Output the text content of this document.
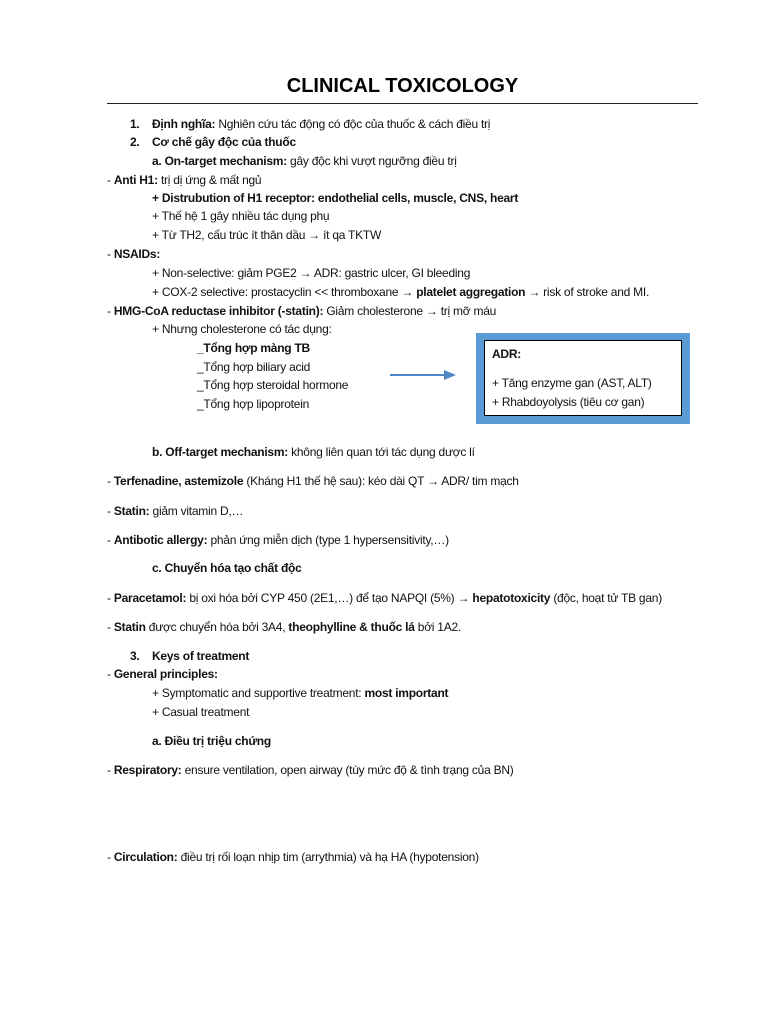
CLINICAL TOXICOLOGY
1. Định nghĩa: Nghiên cứu tác động có độc của thuốc & cách điều trị
2. Cơ chế gây độc của thuốc
a. On-target mechanism: gây độc khi vượt ngưỡng điều trị
- Anti H1: trị dị ứng & mất ngủ
+ Distrubution of H1 receptor: endothelial cells, muscle, CNS, heart
+ Thế hệ 1 gây nhiều tác dụng phụ
+ Từ TH2, cấu trúc ít thân dầu → ít qa TKTW
- NSAIDs:
+ Non-selective: giảm PGE2 → ADR: gastric ulcer, GI bleeding
+ COX-2 selective: prostacyclin << thromboxane → platelet aggregation → risk of stroke and MI.
- HMG-CoA reductase inhibitor (-statin): Giảm cholesterone → trị mỡ máu
+ Nhưng cholesterone có tác dụng:
_Tổng hợp màng TB
_Tổng hợp biliary acid
_Tổng hợp steroidal hormone
_Tổng hợp lipoprotein
ADR:
+ Tăng enzyme gan (AST, ALT)
+ Rhabdoyolysis (tiêu cơ gan)
b. Off-target mechanism: không liên quan tới tác dụng dược lí
- Terfenadine, astemizole (Kháng H1 thế hệ sau): kéo dài QT → ADR/ tim mạch
- Statin: giảm vitamin D,…
- Antibotic allergy: phản ứng miễn dịch (type 1 hypersensitivity,…)
c. Chuyển hóa tạo chất độc
- Paracetamol: bị oxi hóa bởi CYP 450 (2E1,…) để tạo NAPQI (5%) → hepatotoxicity (độc, hoạt tử TB gan)
- Statin được chuyển hóa bởi 3A4, theophylline & thuốc lá bởi 1A2.
3. Keys of treatment
- General principles:
+ Symptomatic and supportive treatment: most important
+ Casual treatment
a. Điều trị triệu chứng
- Respiratory: ensure ventilation, open airway (tùy mức độ & tình trạng của BN)
- Circulation: điều trị rối loạn nhịp tim (arrythmia) và hạ HA (hypotension)
